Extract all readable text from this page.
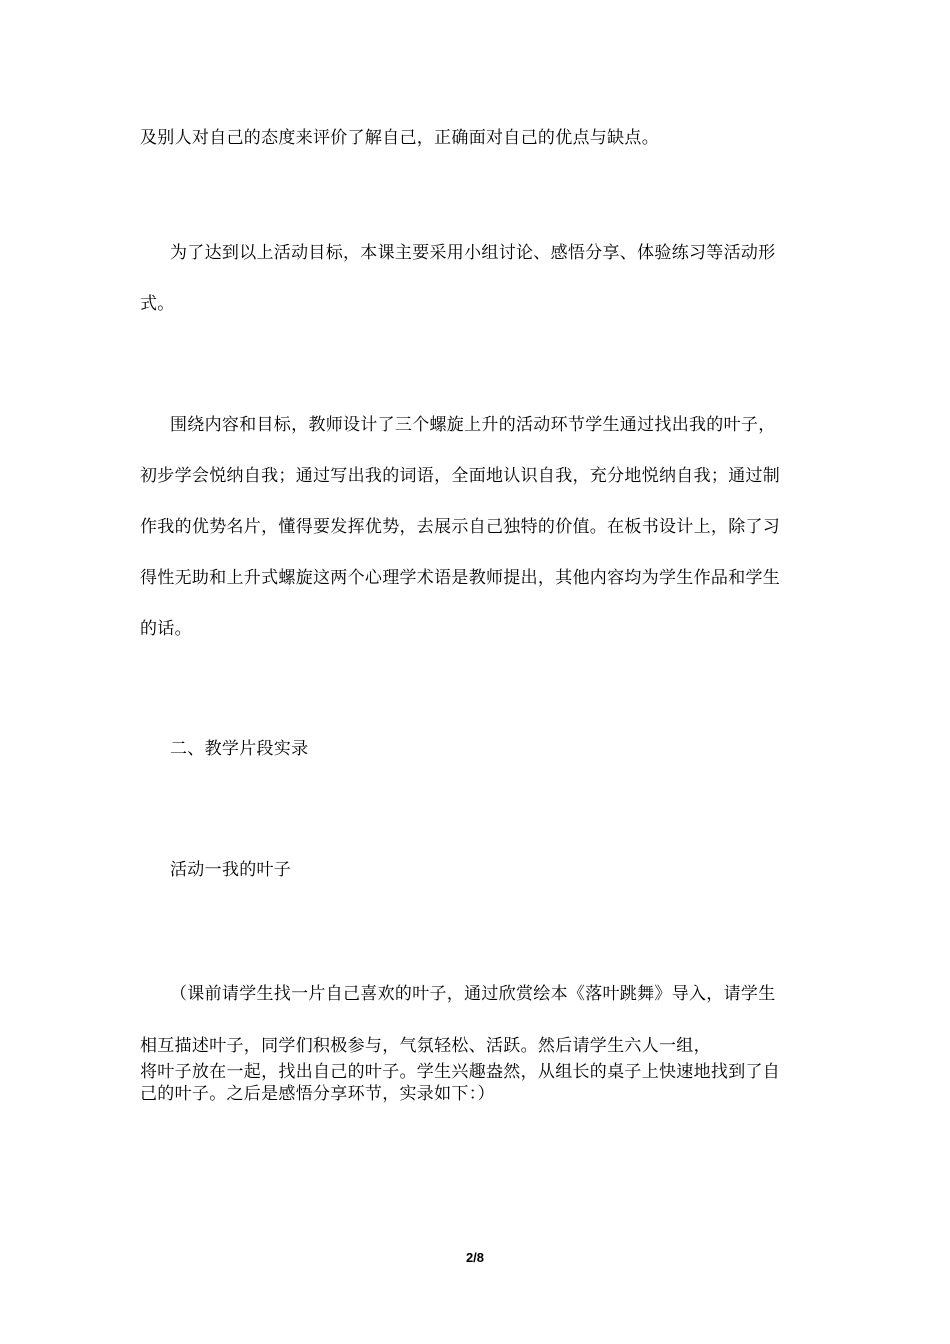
及别人对自己的态度来评价了解自己，正确面对自己的优点与缺点。
为了达到以上活动目标，本课主要采用小组讨论、感悟分享、体验练习等活动形
式。
围绕内容和目标，教师设计了三个螺旋上升的活动环节学生通过找出我的叶子，
初步学会悦纳自我；通过写出我的词语，全面地认识自我，充分地悦纳自我；通过制
作我的优势名片，懂得要发挥优势，去展示自己独特的价值。在板书设计上，除了习
得性无助和上升式螺旋这两个心理学术语是教师提出，其他内容均为学生作品和学生
的话。
二、教学片段实录
活动一我的叶子
（课前请学生找一片自己喜欢的叶子，通过欣赏绘本《落叶跳舞》导入，请学生
相互描述叶子，同学们积极参与，气氛轻松、活跃。然后请学生六人一组，
将叶子放在一起，找出自己的叶子。学生兴趣盎然，从组长的桌子上快速地找到了自
己的叶子。之后是感悟分享环节，实录如下：）
2/8
